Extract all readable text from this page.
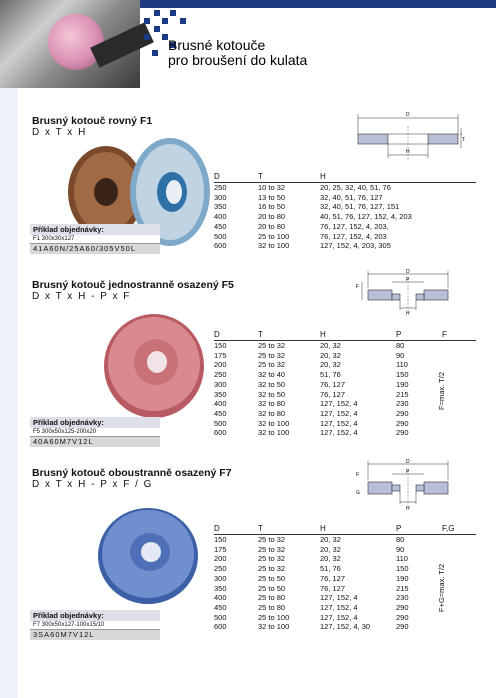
Brusné kotouče
pro broušení do kulata
Brusný kotouč rovný F1
D x T x H
D
H
T
D	T	H
250	10 to 32	20, 25, 32, 40, 51, 76
300	13 to 50	32, 40, 51, 76, 127
350	16 to 50	32, 40, 51, 76, 127, 151
400	20 to 80	40, 51, 76, 127, 152, 4, 203
450	20 to 80	76, 127, 152, 4, 203,
500	25 to 100	76, 127, 152, 4, 203
600	32 to 100	127, 152, 4, 203, 305
Příklad objednávky:
F1 300x30x127
41A60N/25A60/305V50L
Brusný kotouč jednostranně osazený F5
D x T x H - P x F
D
P
H
F
D	T	H	P	F
150	25 to 32	20, 32	80
175	25 to 32	20, 32	90
200	25 to 32	20, 32	110
250	32 to 40	51, 76	150
300	32 to 50	76, 127	190
350	32 to 50	76, 127	215
400	32 to 80	127, 152, 4	230
450	32 to 80	127, 152, 4	290
500	32 to 100	127, 152, 4	290
600	32 to 100	127, 152, 4	290
F=max. T/2
Příklad objednávky:
F5 300x50x125-200x20
40A60M7V12L
Brusný kotouč oboustranně osazený F7
D x T x H - P x F / G
D
P
H
F
G
D	T	H	P	F,G
150	25 to 32	20, 32	80
175	25 to 32	20, 32	90
200	25 to 32	20, 32	110
250	25 to 32	51, 76	150
300	25 to 50	76, 127	190
350	25 to 50	76, 127	215
400	25 to 80	127, 152, 4	230
450	25 to 80	127, 152, 4	290
500	25 to 100	127, 152, 4	290
600	32 to 100	127, 152, 4, 30	290
F+G=max. T/2
Příklad objednávky:
F7 300x50x127-100x15/10
3SA60M7V12L
